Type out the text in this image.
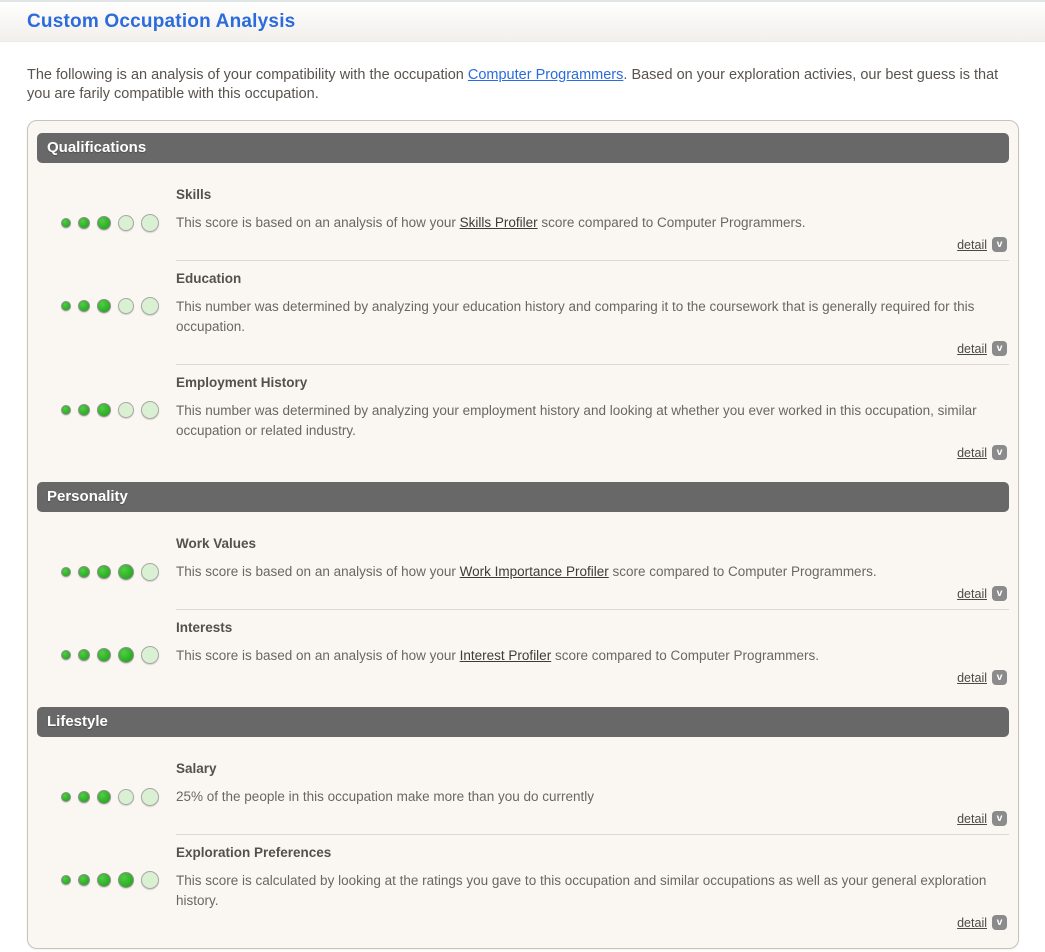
Custom Occupation Analysis

The following is an analysis of your compatibility with the occupation Computer Programmers. Based on your exploration activies, our best guess is that you are farily compatible with this occupation.

Qualifications
Skills

This score is based on an analysis of how your Skills Profiler score compared to Computer Programmers.

detail v
Education

This number was determined by analyzing your education history and comparing it to the coursework that is generally required for this occupation.

detail v
Employment History

This number was determined by analyzing your employment history and looking at whether you ever worked in this occupation, similar occupation or related industry.

detail v
Personality
Work Values

This score is based on an analysis of how your Work Importance Profiler score compared to Computer Programmers.

detail v
Interests

This score is based on an analysis of how your Interest Profiler score compared to Computer Programmers.

detail v
Lifestyle
Salary

25% of the people in this occupation make more than you do currently

detail v
Exploration Preferences

This score is calculated by looking at the ratings you gave to this occupation and similar occupations as well as your general exploration history.

detail v
